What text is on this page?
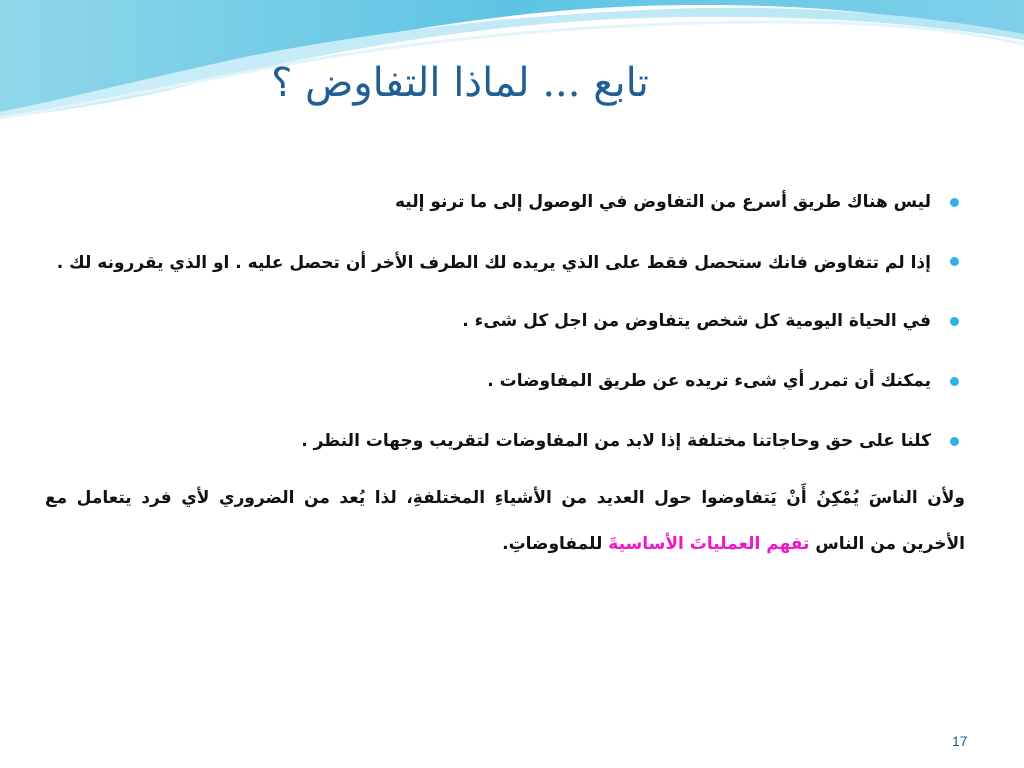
تابع ... لماذا التفاوض ؟
ليس هناك طريق أسرع من التفاوض في الوصول إلى ما ترنو إليه
إذا لم تتفاوض فانك ستحصل فقط على الذي يريده لك الطرف الأخر أن تحصل عليه . او الذي يقررونه لك .
في الحياة اليومية كل شخص يتفاوض من اجل كل شىء .
يمكنك أن تمرر أي شىء تريده عن طريق المفاوضات .
كلنا على حق وحاجاتنا مختلفة إذا لابد من المفاوضات لتقريب وجهات النظر .
ولأن الناسَ يُمْكِنُ أَنْ يَتفاوضوا حول العديد من الأشياءِ المختلفةِ، لذا يُعد من الضروري لأي فرد يتعامل مع الأخرين من الناس تفهم العملياتَ الأساسيةَ للمفاوضاتِ.
17
